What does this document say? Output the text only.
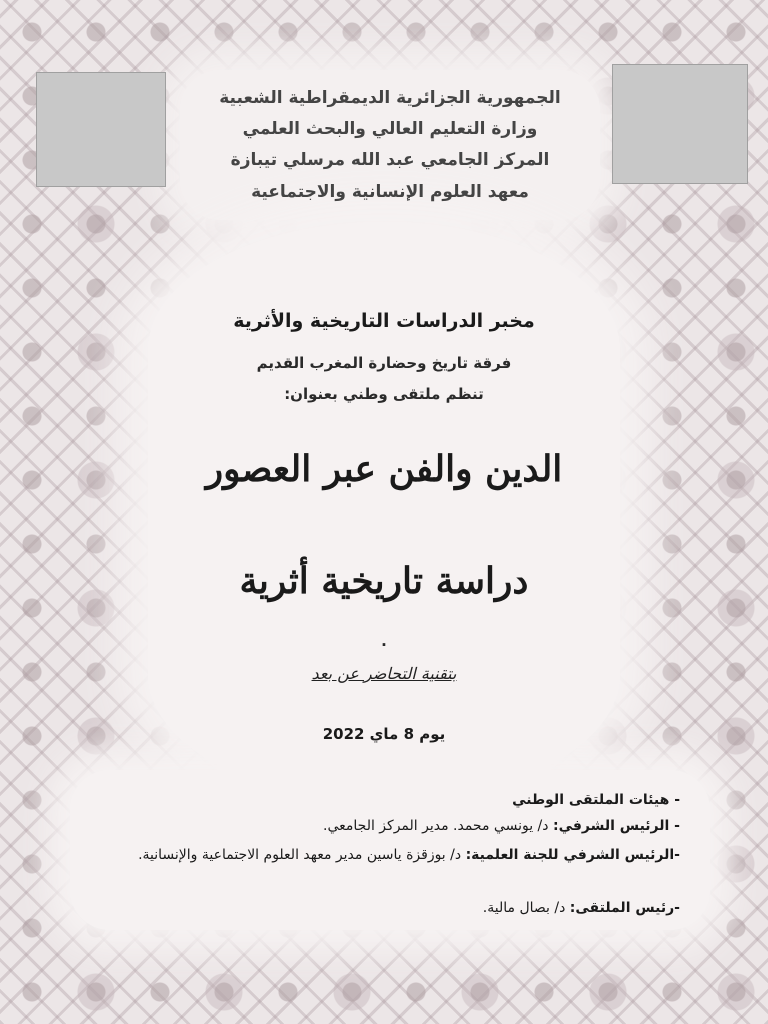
الجمهورية الجزائرية الديمقراطية الشعبية
وزارة التعليم العالي والبحث العلمي
المركز الجامعي عبد الله مرسلي تيبازة
معهد العلوم الإنسانية والاجتماعية
مخبر الدراسات التاريخية والأثرية
فرقة تاريخ وحضارة المغرب القديم
تنظم ملتقى وطني بعنوان:
الدين والفن عبر العصور
دراسة تاريخية أثرية
.
بتقنية التحاضر عن بعد
يوم 8 ماي 2022
- هيئات الملتقى الوطني
- الرئيس الشرفي: د/ يونسي محمد. مدير المركز الجامعي.
-الرئيس الشرفي للجنة العلمية: د/ بوزقزة ياسين مدير معهد العلوم الاجتماعية والإنسانية.
-رئيس الملتقى: د/ بصال مالية.
